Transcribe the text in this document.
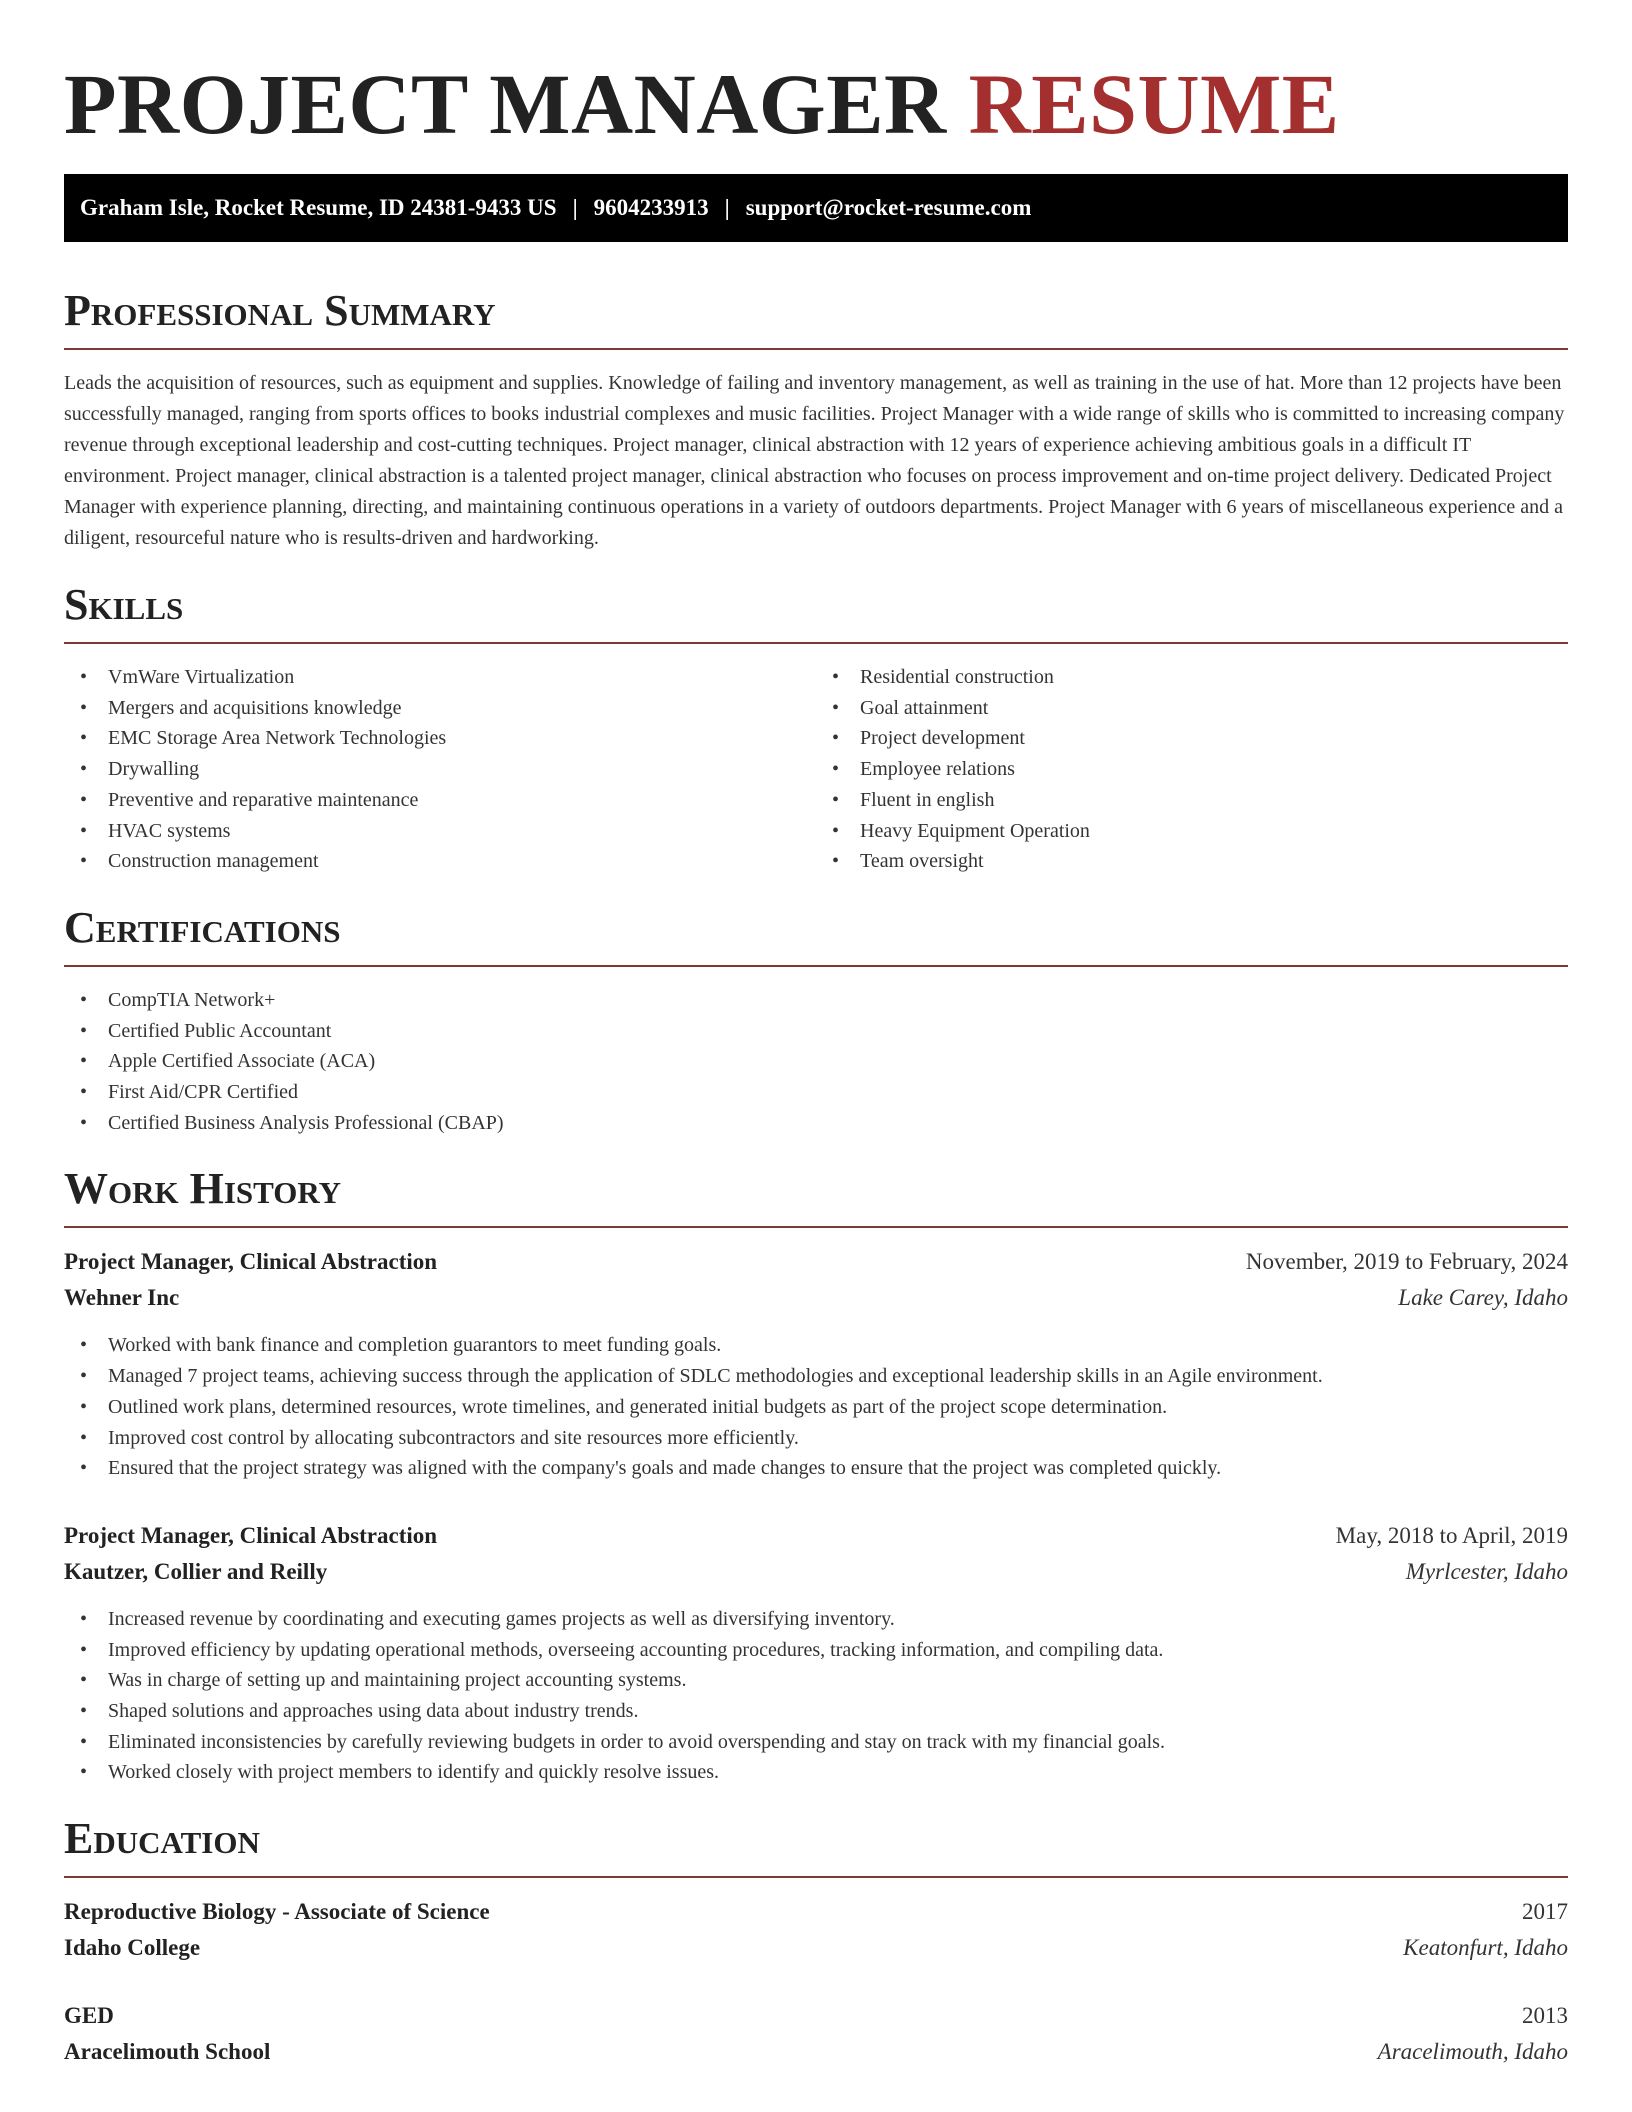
PROJECT MANAGER RESUME
Graham Isle, Rocket Resume, ID 24381-9433 US | 9604233913 | support@rocket-resume.com
Professional Summary

Leads the acquisition of resources, such as equipment and supplies. Knowledge of failing and inventory management, as well as training in the use of hat. More than 12 projects have been successfully managed, ranging from sports offices to books industrial complexes and music facilities. Project Manager with a wide range of skills who is committed to increasing company revenue through exceptional leadership and cost-cutting techniques. Project manager, clinical abstraction with 12 years of experience achieving ambitious goals in a difficult IT environment. Project manager, clinical abstraction is a talented project manager, clinical abstraction who focuses on process improvement and on-time project delivery. Dedicated Project Manager with experience planning, directing, and maintaining continuous operations in a variety of outdoors departments. Project Manager with 6 years of miscellaneous experience and a diligent, resourceful nature who is results-driven and hardworking.

Skills
• VmWare Virtualization
• Mergers and acquisitions knowledge
• EMC Storage Area Network Technologies
• Drywalling
• Preventive and reparative maintenance
• HVAC systems
• Construction management
• Residential construction
• Goal attainment
• Project development
• Employee relations
• Fluent in english
• Heavy Equipment Operation
• Team oversight
Certifications
• CompTIA Network+
• Certified Public Accountant
• Apple Certified Associate (ACA)
• First Aid/CPR Certified
• Certified Business Analysis Professional (CBAP)
Work History
Project Manager, Clinical Abstraction	November, 2019 to February, 2024
Wehner Inc	Lake Carey, Idaho
• Worked with bank finance and completion guarantors to meet funding goals.
• Managed 7 project teams, achieving success through the application of SDLC methodologies and exceptional leadership skills in an Agile environment.
• Outlined work plans, determined resources, wrote timelines, and generated initial budgets as part of the project scope determination.
• Improved cost control by allocating subcontractors and site resources more efficiently.
• Ensured that the project strategy was aligned with the company's goals and made changes to ensure that the project was completed quickly.
Project Manager, Clinical Abstraction	May, 2018 to April, 2019
Kautzer, Collier and Reilly	Myrlcester, Idaho
• Increased revenue by coordinating and executing games projects as well as diversifying inventory.
• Improved efficiency by updating operational methods, overseeing accounting procedures, tracking information, and compiling data.
• Was in charge of setting up and maintaining project accounting systems.
• Shaped solutions and approaches using data about industry trends.
• Eliminated inconsistencies by carefully reviewing budgets in order to avoid overspending and stay on track with my financial goals.
• Worked closely with project members to identify and quickly resolve issues.
Education
Reproductive Biology - Associate of Science	2017
Idaho College	Keatonfurt, Idaho
GED	2013
Aracelimouth School	Aracelimouth, Idaho
